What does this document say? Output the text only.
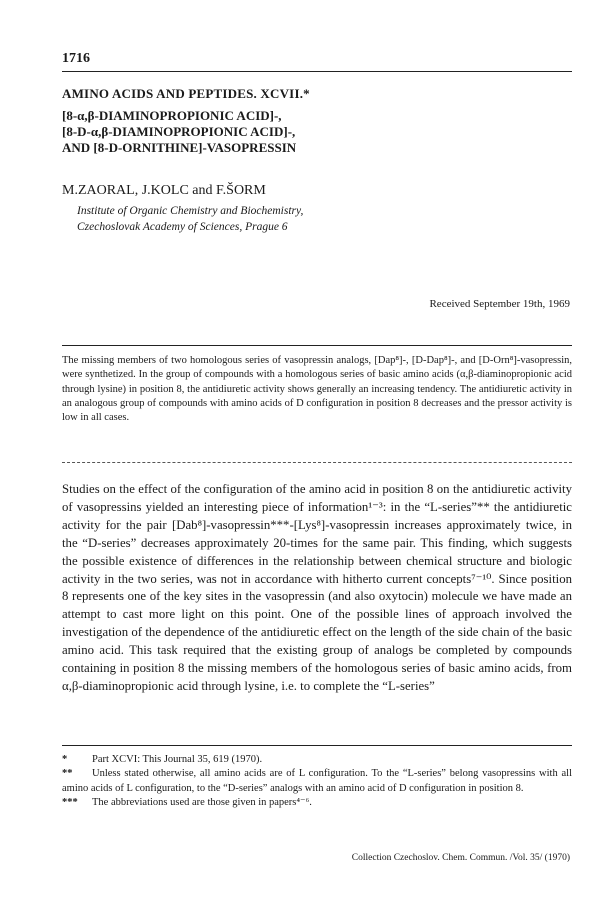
1716
AMINO ACIDS AND PEPTIDES. XCVII.*
[8-α,β-DIAMINOPROPIONIC ACID]-,
[8-D-α,β-DIAMINOPROPIONIC ACID]-,
AND [8-D-ORNITHINE]-VASOPRESSIN
M.ZAORAL, J.KOLC and F.ŠORM
Institute of Organic Chemistry and Biochemistry,
Czechoslovak Academy of Sciences, Prague 6
Received September 19th, 1969
The missing members of two homologous series of vasopressin analogs, [Dap⁸]-, [D-Dap⁸]-, and [D-Orn⁸]-vasopressin, were synthetized. In the group of compounds with a homologous series of basic amino acids (α,β-diaminopropionic acid through lysine) in position 8, the antidiuretic activity shows generally an increasing tendency. The antidiuretic activity in an analogous group of compounds with amino acids of D configuration in position 8 decreases and the pressor activity is low in all cases.

Studies on the effect of the configuration of the amino acid in position 8 on the antidiuretic activity of vasopressins yielded an interesting piece of information¹⁻³: in the “L-series”** the antidiuretic activity for the pair [Dab⁸]-vasopressin***-[Lys⁸]-vasopressin increases approximately twice, in the “D-series” decreases approximately 20-times for the same pair. This finding, which suggests the possible existence of differences in the relationship between chemical structure and biologic activity in the two series, was not in accordance with hitherto current concepts⁷⁻¹⁰. Since position 8 represents one of the key sites in the vasopressin (and also oxytocin) molecule we have made an attempt to cast more light on this point. One of the possible lines of approach involved the investigation of the dependence of the antidiuretic effect on the length of the side chain of the basic amino acid. This task required that the existing group of analogs be completed by compounds containing in position 8 the missing members of the homologous series of basic amino acids, from α,β-diaminopropionic acid through lysine, i.e. to complete the “L-series”

* Part XCVI: This Journal 35, 619 (1970).
** Unless stated otherwise, all amino acids are of L configuration. To the “L-series” belong vasopressins with all amino acids of L configuration, to the “D-series” analogs with an amino acid of D configuration in position 8.
*** The abbreviations used are those given in papers⁴⁻⁶.
Collection Czechoslov. Chem. Commun. /Vol. 35/ (1970)
